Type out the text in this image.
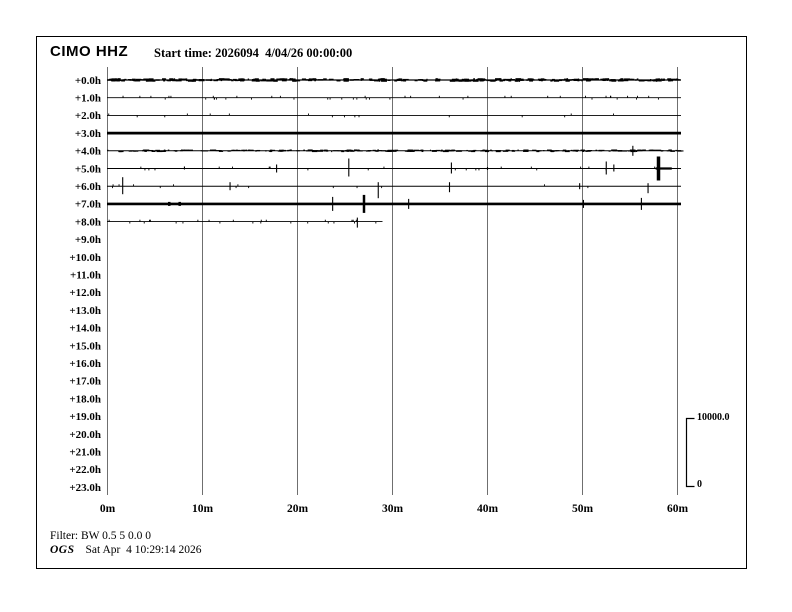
CIMO HHZ Start time: 2026094  4/04/26 00:00:00
0m	10m	20m	30m	40m	50m	60m
+0.0h
+1.0h
+2.0h
+3.0h
+4.0h
+5.0h
+6.0h
+7.0h
+8.0h
+9.0h
+10.0h
+11.0h
+12.0h
+13.0h
+14.0h
+15.0h
+16.0h
+17.0h
+18.0h
+19.0h
+20.0h
+21.0h
+22.0h
+23.0h
10000.0
0
Filter: BW 0.5 5 0.0 0
OGS Sat Apr  4 10:29:14 2026
